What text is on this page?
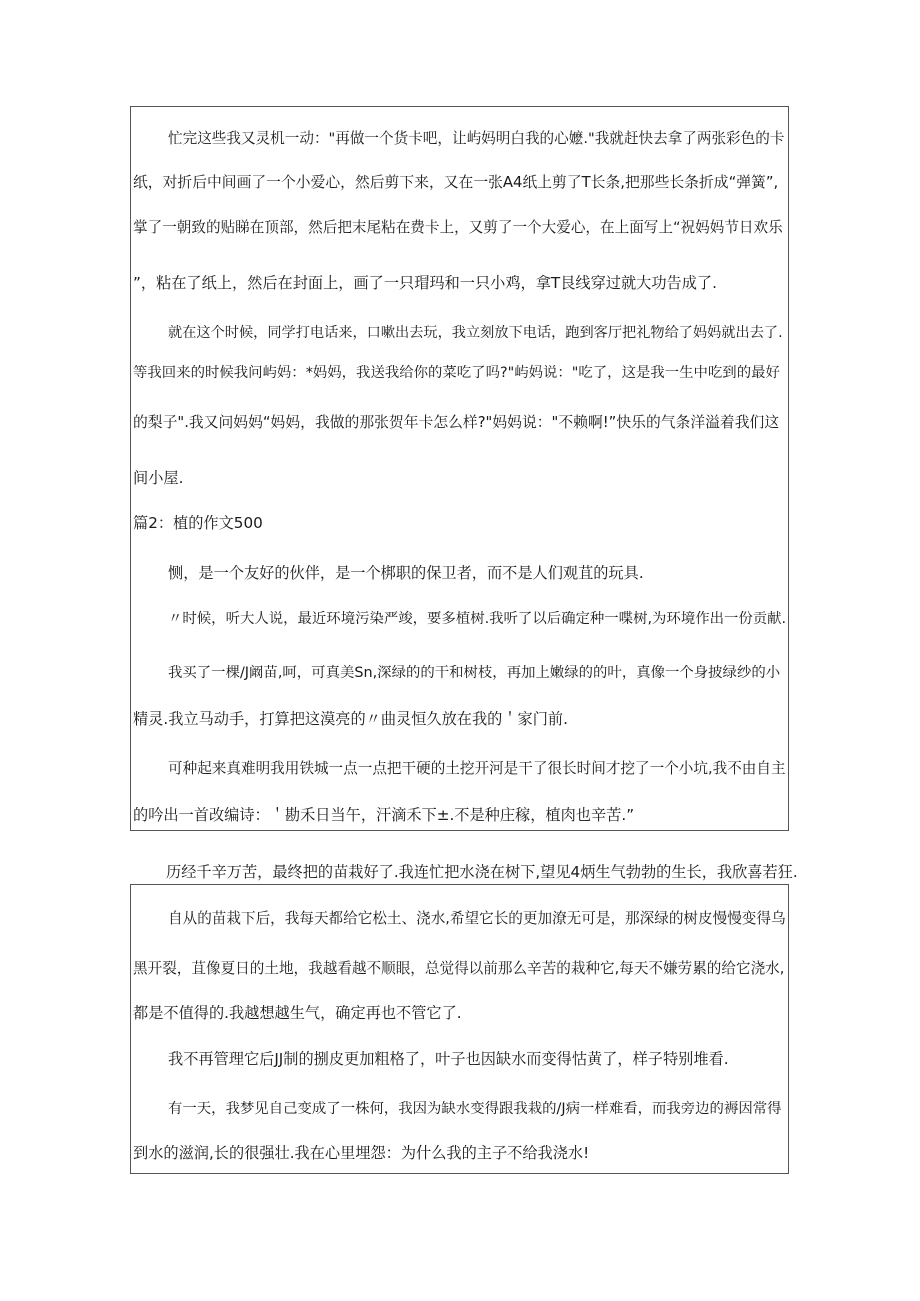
忙完这些我又灵机一动："再做一个货卡吧，让屿妈明白我的心嬷."我就赶快去拿了两张彩色的卡
纸，对折后中间画了一个小爱心，然后剪下来，又在一张A4纸上剪了T长条,把那些长条折成“弹簧”,
掌了一朝致的贴睇在顶部，然后把末尾粘在费卡上，又剪了一个大爱心，在上面写上“祝妈妈节日欢乐
”，粘在了纸上，然后在封面上，画了一只瑁玛和一只小鸡，拿T艮线穿过就大功告成了.
就在这个时候，同学打电话来，口嗽出去玩，我立刻放下电话，跑到客厅把礼物给了妈妈就出去了.
等我回来的时候我问屿妈：*妈妈，我送我给你的菜吃了吗?"屿妈说："吃了，这是我一生中吃到的最好
的梨子".我又问妈妈“妈妈，我做的那张贺年卡怎么样?"妈妈说："不赖啊!”快乐的气条洋溢着我们这
间小屋.
篇2：植的作文500
恻，是一个友好的伙伴，是一个梆职的保卫者，而不是人们观苴的玩具.
〃时候，听大人说，最近环境污染严竣，要多植树.我听了以后确定种一喋树,为环境作出一份贡献.
我买了一棵/J阚苗,呵，可真美Sn,深绿的的干和树枝，再加上嫩绿的的叶，真像一个身披绿纱的小
精灵.我立马动手，打算把这漠亮的〃曲灵恒久放在我的＇家门前.
可种起来真难明我用铁城一点一点把干硬的土挖开河是干了很长时间才挖了一个小坑,我不由自主
的吟出一首改编诗：＇勘禾日当午，汗滴禾下±.不是种庄稼，植肉也辛苦.”
历经千辛万苦，最终把的苗栽好了.我连忙把水浇在树下,望见4炳生气勃勃的生长，我欣喜若狂.
自从的苗栽下后，我每天都给它松土、浇水,希望它长的更加潦无可是，那深绿的树皮慢慢变得乌
黑开裂，苴像夏日的土地，我越看越不顺眼，总觉得以前那么辛苦的栽种它,每天不嫌劳累的给它浇水,
都是不值得的.我越想越生气，确定再也不管它了.
我不再管理它后JJ制的捌皮更加粗格了，叶子也因缺水而变得怙黄了，样子特别堆看.
有一天，我梦见自己变成了一株何，我因为缺水变得跟我栽的/J病一样难看，而我旁边的褥因常得
到水的滋润,长的很强壮.我在心里埋怨：为什么我的主子不给我浇水!
